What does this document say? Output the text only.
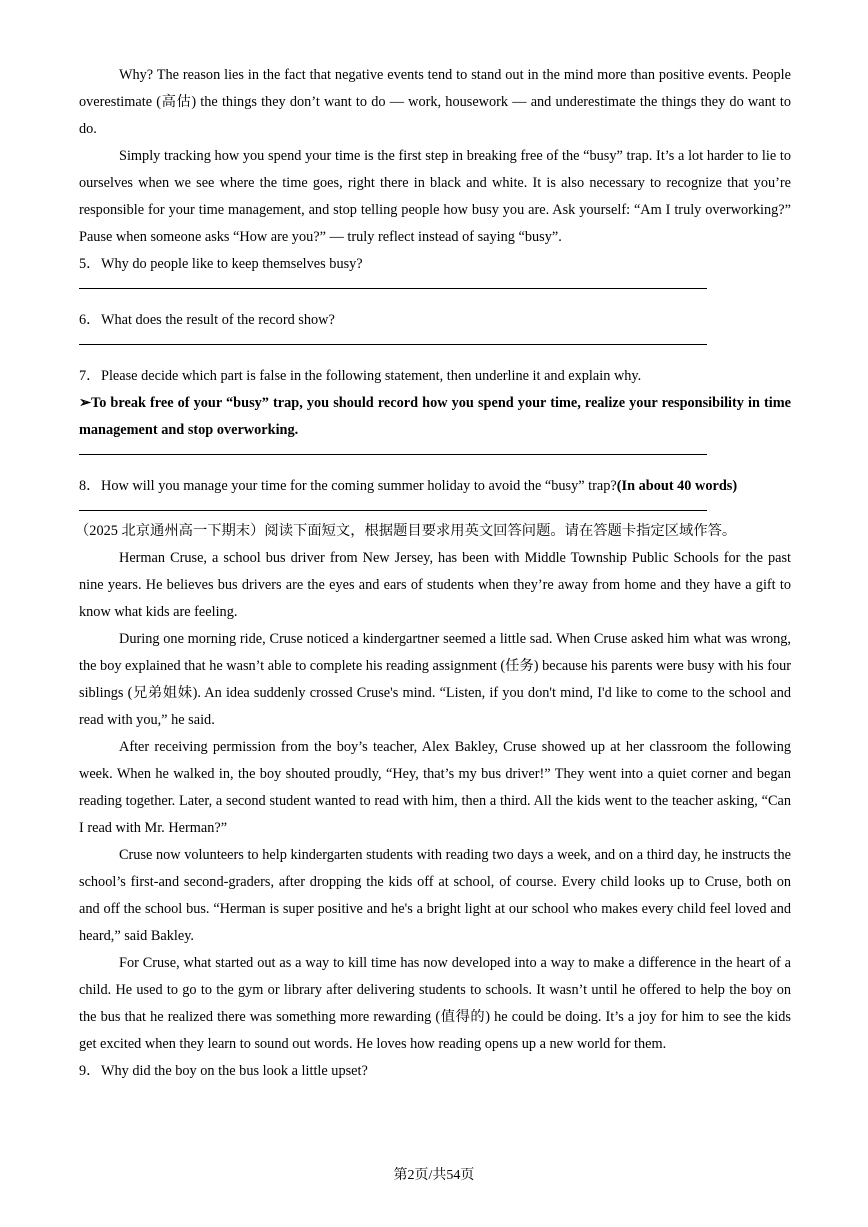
Why? The reason lies in the fact that negative events tend to stand out in the mind more than positive events. People overestimate (高估) the things they don’t want to do — work, housework — and underestimate the things they do want to do.

Simply tracking how you spend your time is the first step in breaking free of the “busy” trap. It’s a lot harder to lie to ourselves when we see where the time goes, right there in black and white. It is also necessary to recognize that you’re responsible for your time management, and stop telling people how busy you are. Ask yourself: “Am I truly overworking?” Pause when someone asks “How are you?” — truly reflect instead of saying “busy”.

5．Why do people like to keep themselves busy?
6．What does the result of the record show?
7．Please decide which part is false in the following statement, then underline it and explain why.

➢To break free of your “busy” trap, you should record how you spend your time, realize your responsibility in time management and stop overworking.

8．How will you manage your time for the coming summer holiday to avoid the “busy” trap?(In about 40 words)
（2025 北京通州高一下期末）阅读下面短文，根据题目要求用英文回答问题。请在答题卡指定区域作答。

Herman Cruse, a school bus driver from New Jersey, has been with Middle Township Public Schools for the past nine years. He believes bus drivers are the eyes and ears of students when they’re away from home and they have a gift to know what kids are feeling.

During one morning ride, Cruse noticed a kindergartner seemed a little sad. When Cruse asked him what was wrong, the boy explained that he wasn’t able to complete his reading assignment (任务) because his parents were busy with his four siblings (兄弟姐妹). An idea suddenly crossed Cruse's mind. “Listen, if you don't mind, I'd like to come to the school and read with you,” he said.

After receiving permission from the boy’s teacher, Alex Bakley, Cruse showed up at her classroom the following week. When he walked in, the boy shouted proudly, “Hey, that’s my bus driver!” They went into a quiet corner and began reading together. Later, a second student wanted to read with him, then a third. All the kids went to the teacher asking, “Can I read with Mr. Herman?”

Cruse now volunteers to help kindergarten students with reading two days a week, and on a third day, he instructs the school’s first-and second-graders, after dropping the kids off at school, of course. Every child looks up to Cruse, both on and off the school bus. “Herman is super positive and he's a bright light at our school who makes every child feel loved and heard,” said Bakley.

For Cruse, what started out as a way to kill time has now developed into a way to make a difference in the heart of a child. He used to go to the gym or library after delivering students to schools. It wasn’t until he offered to help the boy on the bus that he realized there was something more rewarding (值得的) he could be doing. It’s a joy for him to see the kids get excited when they learn to sound out words. He loves how reading opens up a new world for them.

9．Why did the boy on the bus look a little upset?
第2页/共54页
